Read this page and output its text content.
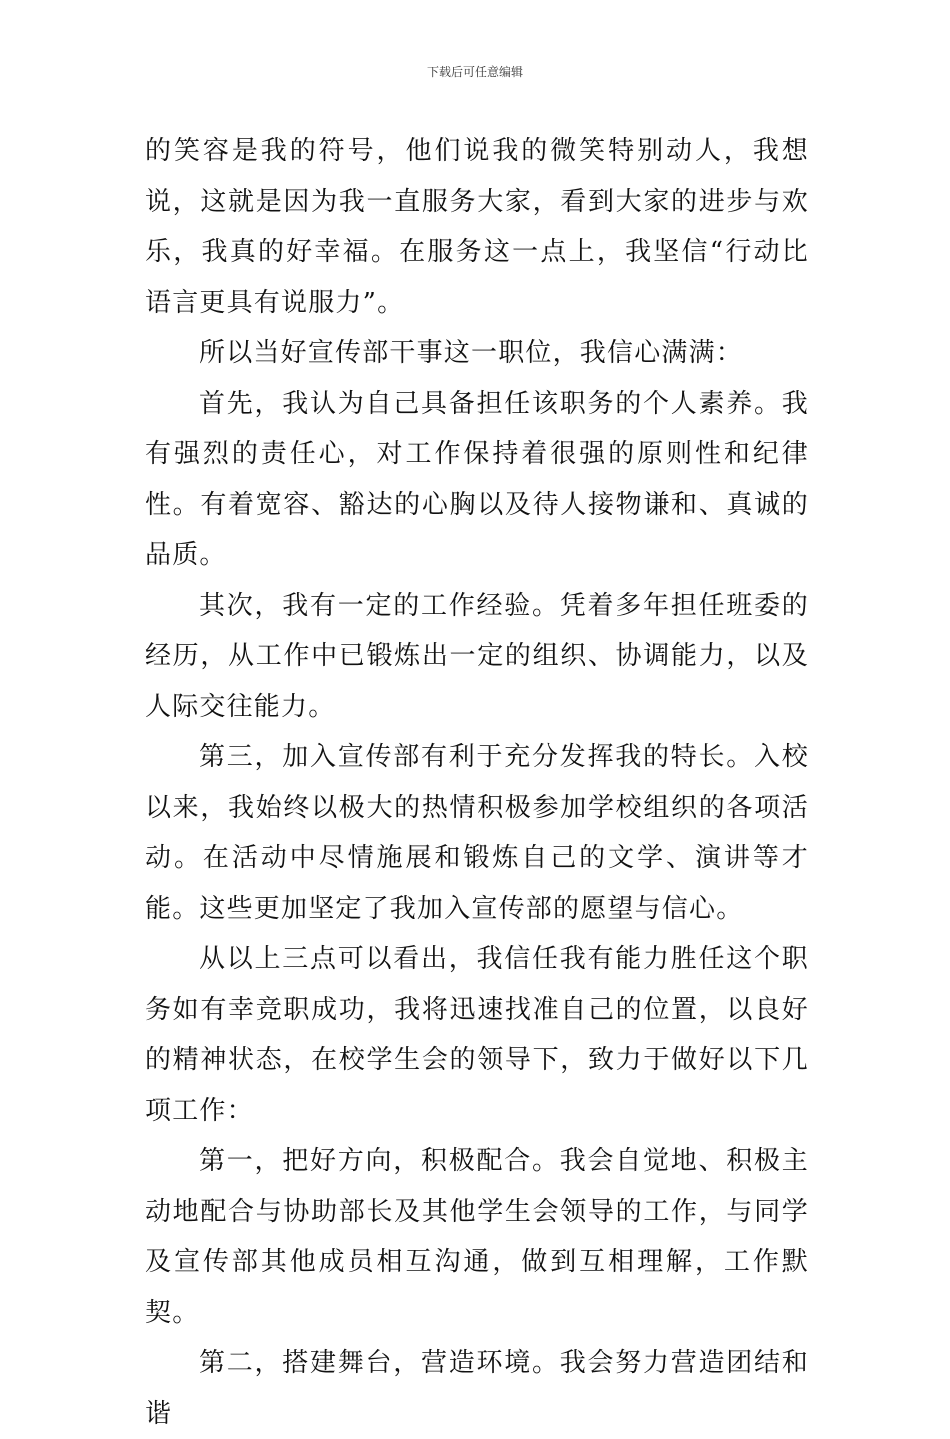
下载后可任意编辑

的笑容是我的符号，他们说我的微笑特别动人，我想说，这就是因为我一直服务大家，看到大家的进步与欢乐，我真的好幸福。在服务这一点上，我坚信“行动比语言更具有说服力”。

所以当好宣传部干事这一职位，我信心满满：

首先，我认为自己具备担任该职务的个人素养。我有强烈的责任心，对工作保持着很强的原则性和纪律性。有着宽容、豁达的心胸以及待人接物谦和、真诚的品质。

其次，我有一定的工作经验。凭着多年担任班委的经历，从工作中已锻炼出一定的组织、协调能力，以及人际交往能力。

第三，加入宣传部有利于充分发挥我的特长。入校以来，我始终以极大的热情积极参加学校组织的各项活动。在活动中尽情施展和锻炼自己的文学、演讲等才能。这些更加坚定了我加入宣传部的愿望与信心。

从以上三点可以看出，我信任我有能力胜任这个职务如有幸竞职成功，我将迅速找准自己的位置，以良好的精神状态，在校学生会的领导下，致力于做好以下几项工作：

第一，把好方向，积极配合。我会自觉地、积极主动地配合与协助部长及其他学生会领导的工作，与同学及宣传部其他成员相互沟通，做到互相理解，工作默契。

第二，搭建舞台，营造环境。我会努力营造团结和谐
